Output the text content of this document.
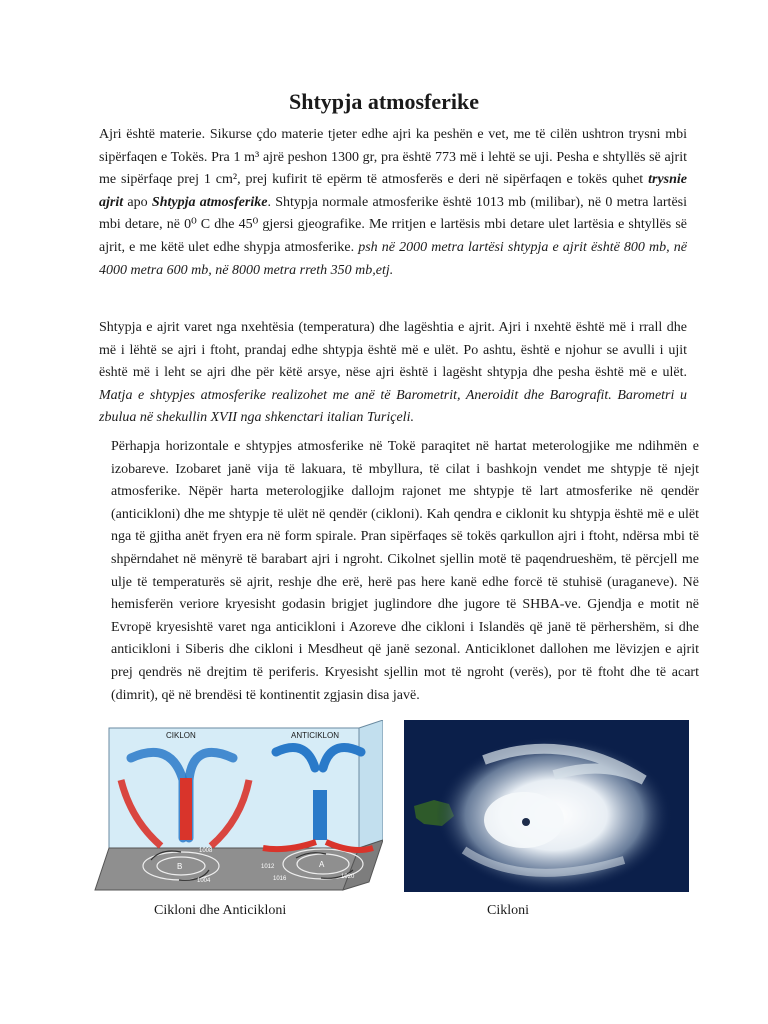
Shtypja atmosferike

Ajri është materie. Sikurse çdo materie tjeter edhe ajri ka peshën e vet, me të cilën ushtron trysni mbi sipërfaqen e Tokës. Pra 1 m³ ajrë peshon 1300 gr, pra është 773 më i lehtë se uji. Pesha e shtyllës së ajrit me sipërfaqe prej 1 cm², prej kufirit të epërm të atmosferës e deri në sipërfaqen e tokës quhet trysnie ajrit apo Shtypja atmosferike. Shtypja normale atmosferike është 1013 mb (milibar), në 0 metra lartësi mbi detare, në 0⁰ C dhe 45⁰ gjersi gjeografike. Me rritjen e lartësis mbi detare ulet lartësia e shtyllës së ajrit, e me këtë ulet edhe shypja atmosferike. psh në 2000 metra lartësi shtypja e ajrit është 800 mb, në 4000 metra 600 mb, në 8000 metra rreth 350 mb,etj.

Shtypja e ajrit varet nga nxehtësia (temperatura) dhe lagështia e ajrit. Ajri i nxehtë është më i rrall dhe më i lëhtë se ajri i ftoht, prandaj edhe shtypja është më e ulët. Po ashtu, është e njohur se avulli i ujit është më i leht se ajri dhe për këtë arsye, nëse ajri është i lagësht shtypja dhe pesha është më e ulët. Matja e shtypjes atmosferike realizohet me anë të Barometrit, Aneroidit dhe Barografit. Barometri u zbulua në shekullin XVII nga shkenctari italian Turiçeli.

Përhapja horizontale e shtypjes atmosferike në Tokë paraqitet në hartat meterologjike me ndihmën e izobareve. Izobaret janë vija të lakuara, të mbyllura, të cilat i bashkojn vendet me shtypje të njejt atmosferike. Nëpër harta meterologjike dallojm rajonet me shtypje të lart atmosferike në qendër (anticikloni) dhe me shtypje të ulët në qendër (cikloni). Kah qendra e ciklonit ku shtypja është më e ulët nga të gjitha anët fryen era në form spirale. Pran sipërfaqes së tokës qarkullon ajri i ftoht, ndërsa mbi të shpërndahet në mënyrë të barabart ajri i ngroht. Cikolnet sjellin motë të paqendrueshëm, të përcjell me ulje të temperaturës së ajrit, reshje dhe erë, herë pas here kanë edhe forcë të stuhisë (uraganeve). Në hemisferën veriore kryesisht godasin brigjet juglindore dhe jugore të SHBA-ve. Gjendja e motit në Evropë kryesishtë varet nga anticikloni i Azoreve dhe cikloni i Islandës që janë të përhershëm, si dhe anticikloni i Siberis dhe cikloni i Mesdheut që janë sezonal. Anticiklonet dallohen me lëvizjen e ajrit prej qendrës në drejtim të periferis. Kryesisht sjellin mot të ngroht (verës), por të ftoht dhe të acart (dimrit), që në brendësi të kontinentit zgjasin disa javë.

CIKLON	ANTICIKLON
B	A
1004
1008
1012
1016	1020
Cikloni dhe Anticikloni	Cikloni
